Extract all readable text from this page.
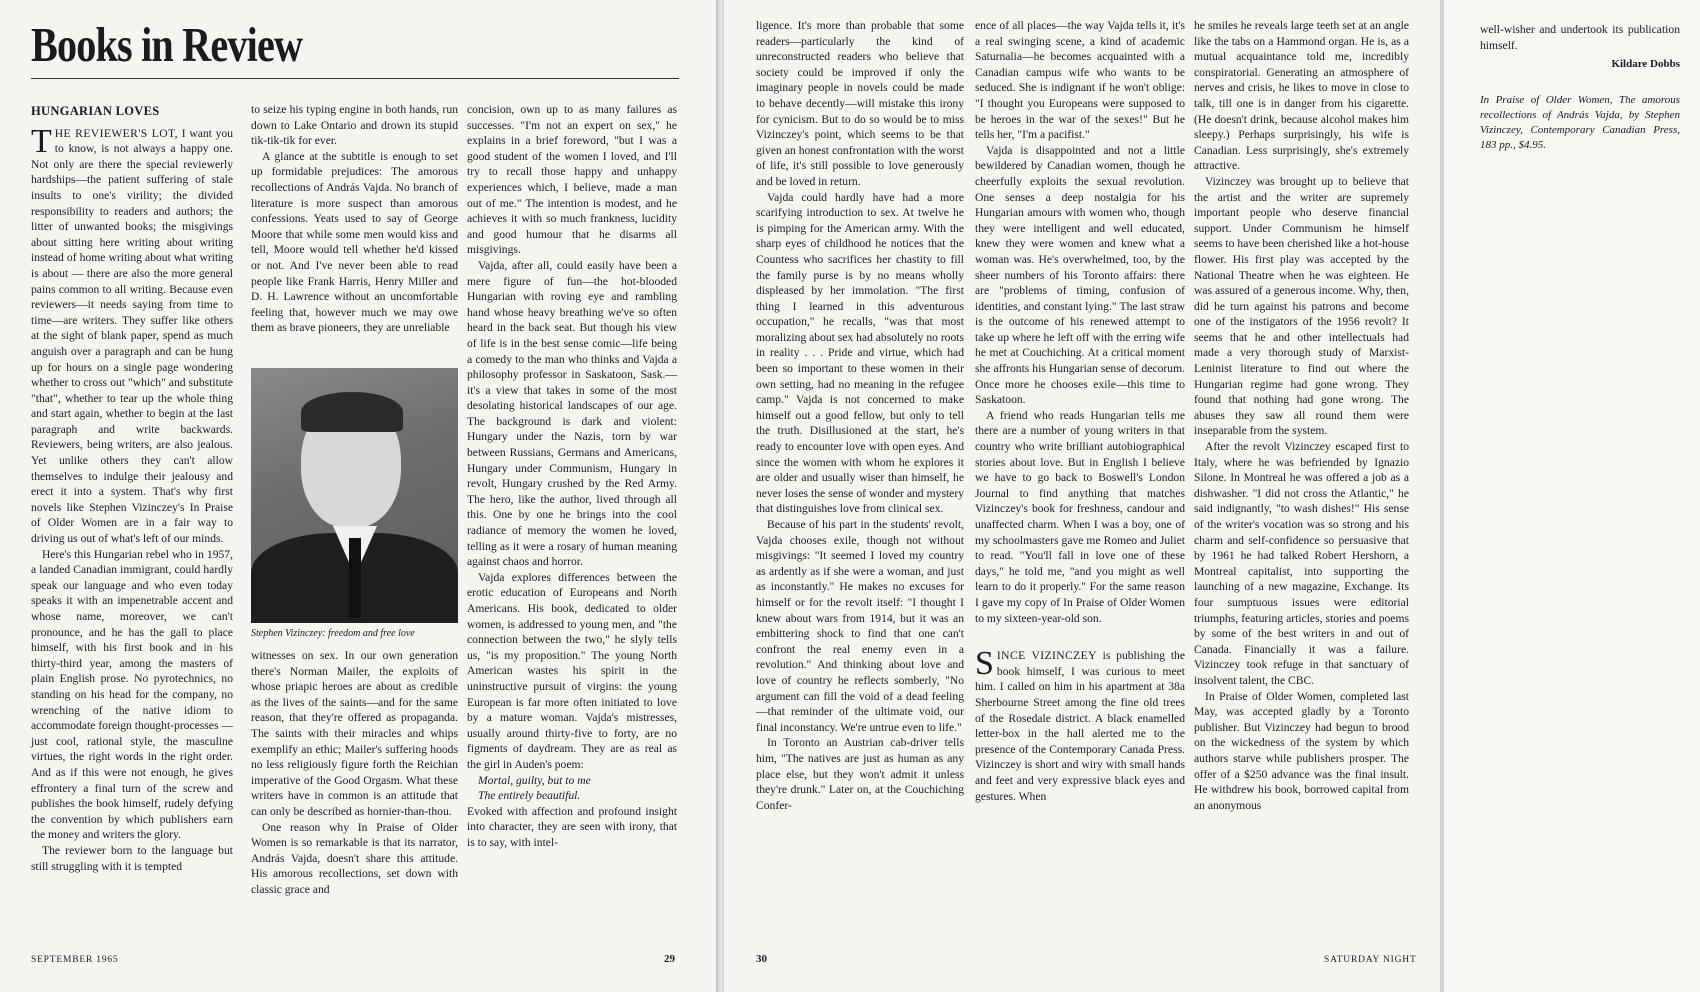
Books in Review
HUNGARIAN LOVES

THE REVIEWER'S LOT, I want you to know, is not always a happy one. Not only are there the special reviewerly hardships—the patient suffering of stale insults to one's virility; the divided responsibility to readers and authors; the litter of unwanted books; the misgivings about sitting here writing about writing instead of home writing about what writing is about — there are also the more general pains common to all writing. Because even reviewers—it needs saying from time to time—are writers. They suffer like others at the sight of blank paper, spend as much anguish over a paragraph and can be hung up for hours on a single page wondering whether to cross out "which" and substitute "that", whether to tear up the whole thing and start again, whether to begin at the last paragraph and write backwards. Reviewers, being writers, are also jealous. Yet unlike others they can't allow themselves to indulge their jealousy and erect it into a system. That's why first novels like Stephen Vizinczey's In Praise of Older Women are in a fair way to driving us out of what's left of our minds.

Here's this Hungarian rebel who in 1957, a landed Canadian immigrant, could hardly speak our language and who even today speaks it with an impenetrable accent and whose name, moreover, we can't pronounce, and he has the gall to place himself, with his first book and in his thirty-third year, among the masters of plain English prose. No pyrotechnics, no standing on his head for the company, no wrenching of the native idiom to accommodate foreign thought-processes — just cool, rational style, the masculine virtues, the right words in the right order. And as if this were not enough, he gives effrontery a final turn of the screw and publishes the book himself, rudely defying the convention by which publishers earn the money and writers the glory.

The reviewer born to the language but still struggling with it is tempted

to seize his typing engine in both hands, run down to Lake Ontario and drown its stupid tik-tik-tik for ever.

A glance at the subtitle is enough to set up formidable prejudices: The amorous recollections of András Vajda. No branch of literature is more suspect than amorous confessions. Yeats used to say of George Moore that while some men would kiss and tell, Moore would tell whether he'd kissed or not. And I've never been able to read people like Frank Harris, Henry Miller and D. H. Lawrence without an uncomfortable feeling that, however much we may owe them as brave pioneers, they are unreliable

Stephen Vizinczey: freedom and free love

witnesses on sex. In our own generation there's Norman Mailer, the exploits of whose priapic heroes are about as credible as the lives of the saints—and for the same reason, that they're offered as propaganda. The saints with their miracles and whips exemplify an ethic; Mailer's suffering hoods no less religiously figure forth the Reichian imperative of the Good Orgasm. What these writers have in common is an attitude that can only be described as hornier-than-thou.

One reason why In Praise of Older Women is so remarkable is that its narrator, András Vajda, doesn't share this attitude. His amorous recollections, set down with classic grace and

concision, own up to as many failures as successes. "I'm not an expert on sex," he explains in a brief foreword, "but I was a good student of the women I loved, and I'll try to recall those happy and unhappy experiences which, I believe, made a man out of me." The intention is modest, and he achieves it with so much frankness, lucidity and good humour that he disarms all misgivings.

Vajda, after all, could easily have been a mere figure of fun—the hot-blooded Hungarian with roving eye and rambling hand whose heavy breathing we've so often heard in the back seat. But though his view of life is in the best sense comic—life being a comedy to the man who thinks and Vajda a philosophy professor in Saskatoon, Sask.—it's a view that takes in some of the most desolating historical landscapes of our age. The background is dark and violent: Hungary under the Nazis, torn by war between Russians, Germans and Americans, Hungary under Communism, Hungary in revolt, Hungary crushed by the Red Army. The hero, like the author, lived through all this. One by one he brings into the cool radiance of memory the women he loved, telling as it were a rosary of human meaning against chaos and horror.

Vajda explores differences between the erotic education of Europeans and North Americans. His book, dedicated to older women, is addressed to young men, and "the connection between the two," he slyly tells us, "is my proposition." The young North American wastes his spirit in the uninstructive pursuit of virgins: the young European is far more often initiated to love by a mature woman. Vajda's mistresses, usually around thirty-five to forty, are no figments of daydream. They are as real as the girl in Auden's poem:

Mortal, guilty, but to me

The entirely beautiful.

Evoked with affection and profound insight into character, they are seen with irony, that is to say, with intel-

SEPTEMBER 1965	29

ligence. It's more than probable that some readers—particularly the kind of unreconstructed readers who believe that society could be improved if only the imaginary people in novels could be made to behave decently—will mistake this irony for cynicism. But to do so would be to miss Vizinczey's point, which seems to be that given an honest confrontation with the worst of life, it's still possible to love generously and be loved in return.

Vajda could hardly have had a more scarifying introduction to sex. At twelve he is pimping for the American army. With the sharp eyes of childhood he notices that the Countess who sacrifices her chastity to fill the family purse is by no means wholly displeased by her immolation. "The first thing I learned in this adventurous occupation," he recalls, "was that most moralizing about sex had absolutely no roots in reality . . . Pride and virtue, which had been so important to these women in their own setting, had no meaning in the refugee camp." Vajda is not concerned to make himself out a good fellow, but only to tell the truth. Disillusioned at the start, he's ready to encounter love with open eyes. And since the women with whom he explores it are older and usually wiser than himself, he never loses the sense of wonder and mystery that distinguishes love from clinical sex.

Because of his part in the students' revolt, Vajda chooses exile, though not without misgivings: "It seemed I loved my country as ardently as if she were a woman, and just as inconstantly." He makes no excuses for himself or for the revolt itself: "I thought I knew about wars from 1914, but it was an embittering shock to find that one can't confront the real enemy even in a revolution." And thinking about love and love of country he reflects somberly, "No argument can fill the void of a dead feeling—that reminder of the ultimate void, our final inconstancy. We're untrue even to life."

In Toronto an Austrian cab-driver tells him, "The natives are just as human as any place else, but they won't admit it unless they're drunk." Later on, at the Couchiching Confer-

ence of all places—the way Vajda tells it, it's a real swinging scene, a kind of academic Saturnalia—he becomes acquainted with a Canadian campus wife who wants to be seduced. She is indignant if he won't oblige: "I thought you Europeans were supposed to be heroes in the war of the sexes!" But he tells her, "I'm a pacifist."

Vajda is disappointed and not a little bewildered by Canadian women, though he cheerfully exploits the sexual revolution. One senses a deep nostalgia for his Hungarian amours with women who, though they were intelligent and well educated, knew they were women and knew what a woman was. He's overwhelmed, too, by the sheer numbers of his Toronto affairs: there are "problems of timing, confusion of identities, and constant lying." The last straw is the outcome of his renewed attempt to take up where he left off with the erring wife he met at Couchiching. At a critical moment she affronts his Hungarian sense of decorum. Once more he chooses exile—this time to Saskatoon.

A friend who reads Hungarian tells me there are a number of young writers in that country who write brilliant autobiographical stories about love. But in English I believe we have to go back to Boswell's London Journal to find anything that matches Vizinczey's book for freshness, candour and unaffected charm. When I was a boy, one of my schoolmasters gave me Romeo and Juliet to read. "You'll fall in love one of these days," he told me, "and you might as well learn to do it properly." For the same reason I gave my copy of In Praise of Older Women to my sixteen-year-old son.

SINCE VIZINCZEY is publishing the book himself, I was curious to meet him. I called on him in his apartment at 38a Sherbourne Street among the fine old trees of the Rosedale district. A black enamelled letter-box in the hall alerted me to the presence of the Contemporary Canada Press. Vizinczey is short and wiry with small hands and feet and very expressive black eyes and gestures. When

he smiles he reveals large teeth set at an angle like the tabs on a Hammond organ. He is, as a mutual acquaintance told me, incredibly conspiratorial. Generating an atmosphere of nerves and crisis, he likes to move in close to talk, till one is in danger from his cigarette. (He doesn't drink, because alcohol makes him sleepy.) Perhaps surprisingly, his wife is Canadian. Less surprisingly, she's extremely attractive.

Vizinczey was brought up to believe that the artist and the writer are supremely important people who deserve financial support. Under Communism he himself seems to have been cherished like a hot-house flower. His first play was accepted by the National Theatre when he was eighteen. He was assured of a generous income. Why, then, did he turn against his patrons and become one of the instigators of the 1956 revolt? It seems that he and other intellectuals had made a very thorough study of Marxist-Leninist literature to find out where the Hungarian regime had gone wrong. They found that nothing had gone wrong. The abuses they saw all round them were inseparable from the system.

After the revolt Vizinczey escaped first to Italy, where he was befriended by Ignazio Silone. In Montreal he was offered a job as a dishwasher. "I did not cross the Atlantic," he said indignantly, "to wash dishes!" His sense of the writer's vocation was so strong and his charm and self-confidence so persuasive that by 1961 he had talked Robert Hershorn, a Montreal capitalist, into supporting the launching of a new magazine, Exchange. Its four sumptuous issues were editorial triumphs, featuring articles, stories and poems by some of the best writers in and out of Canada. Financially it was a failure. Vizinczey took refuge in that sanctuary of insolvent talent, the CBC.

In Praise of Older Women, completed last May, was accepted gladly by a Toronto publisher. But Vizinczey had begun to brood on the wickedness of the system by which authors starve while publishers prosper. The offer of a $250 advance was the final insult. He withdrew his book, borrowed capital from an anonymous

30	SATURDAY NIGHT

well-wisher and undertook its publication himself.

Kildare Dobbs
In Praise of Older Women, The amorous recollections of András Vajda, by Stephen Vizinczey, Contemporary Canadian Press, 183 pp., $4.95.
